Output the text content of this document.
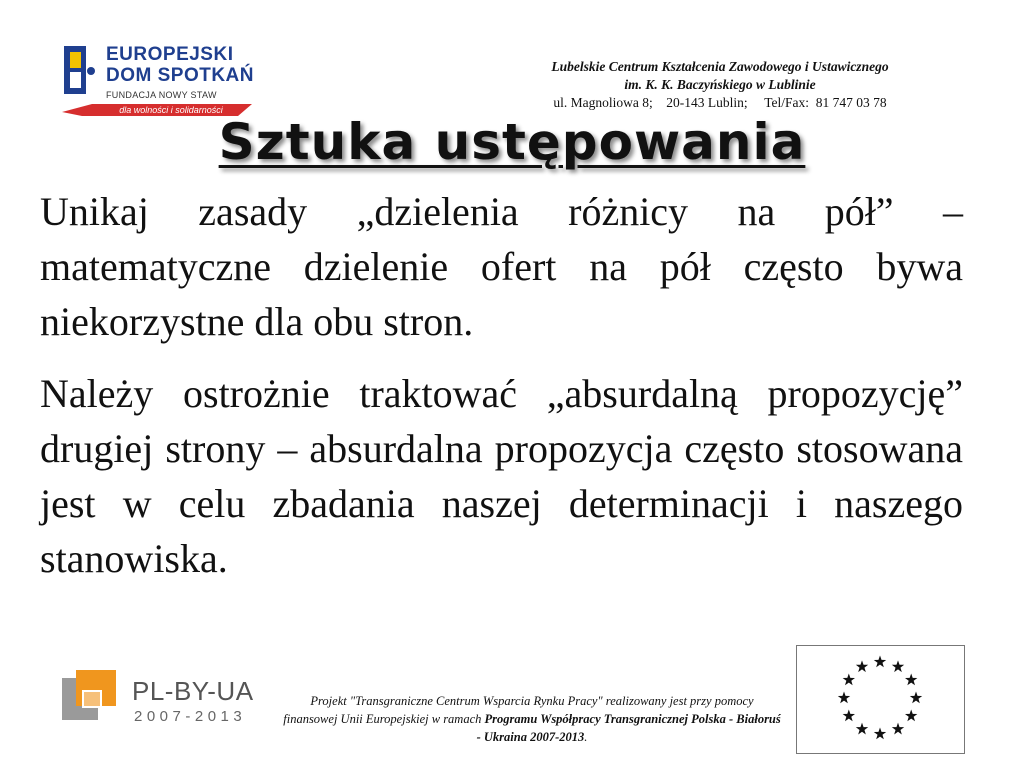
EUROPEJSKI
DOM SPOTKAŃ
FUNDACJA NOWY STAW
dla wolności i solidarności
Lubelskie Centrum Kształcenia Zawodowego i Ustawicznego
im. K. K. Baczyńskiego w Lublinie
ul. Magnoliowa 8;    20-143 Lublin;     Tel/Fax:  81 747 03 78
Sztuka ustępowania

Unikaj zasady „dzielenia różnicy na pół” – matematyczne dzielenie ofert na pół często bywa niekorzystne dla obu stron.

Należy ostrożnie traktować „absurdalną propozycję” drugiej strony – absurdalna propozycja często stosowana jest w celu zbadania naszej determinacji i naszego stanowiska.

PL-BY-UA
2007-2013
Projekt "Transgraniczne Centrum Wsparcia Rynku Pracy" realizowany jest przy pomocy finansowej Unii Europejskiej w ramach Programu Współpracy Transgranicznej Polska - Białoruś - Ukraina 2007-2013.
